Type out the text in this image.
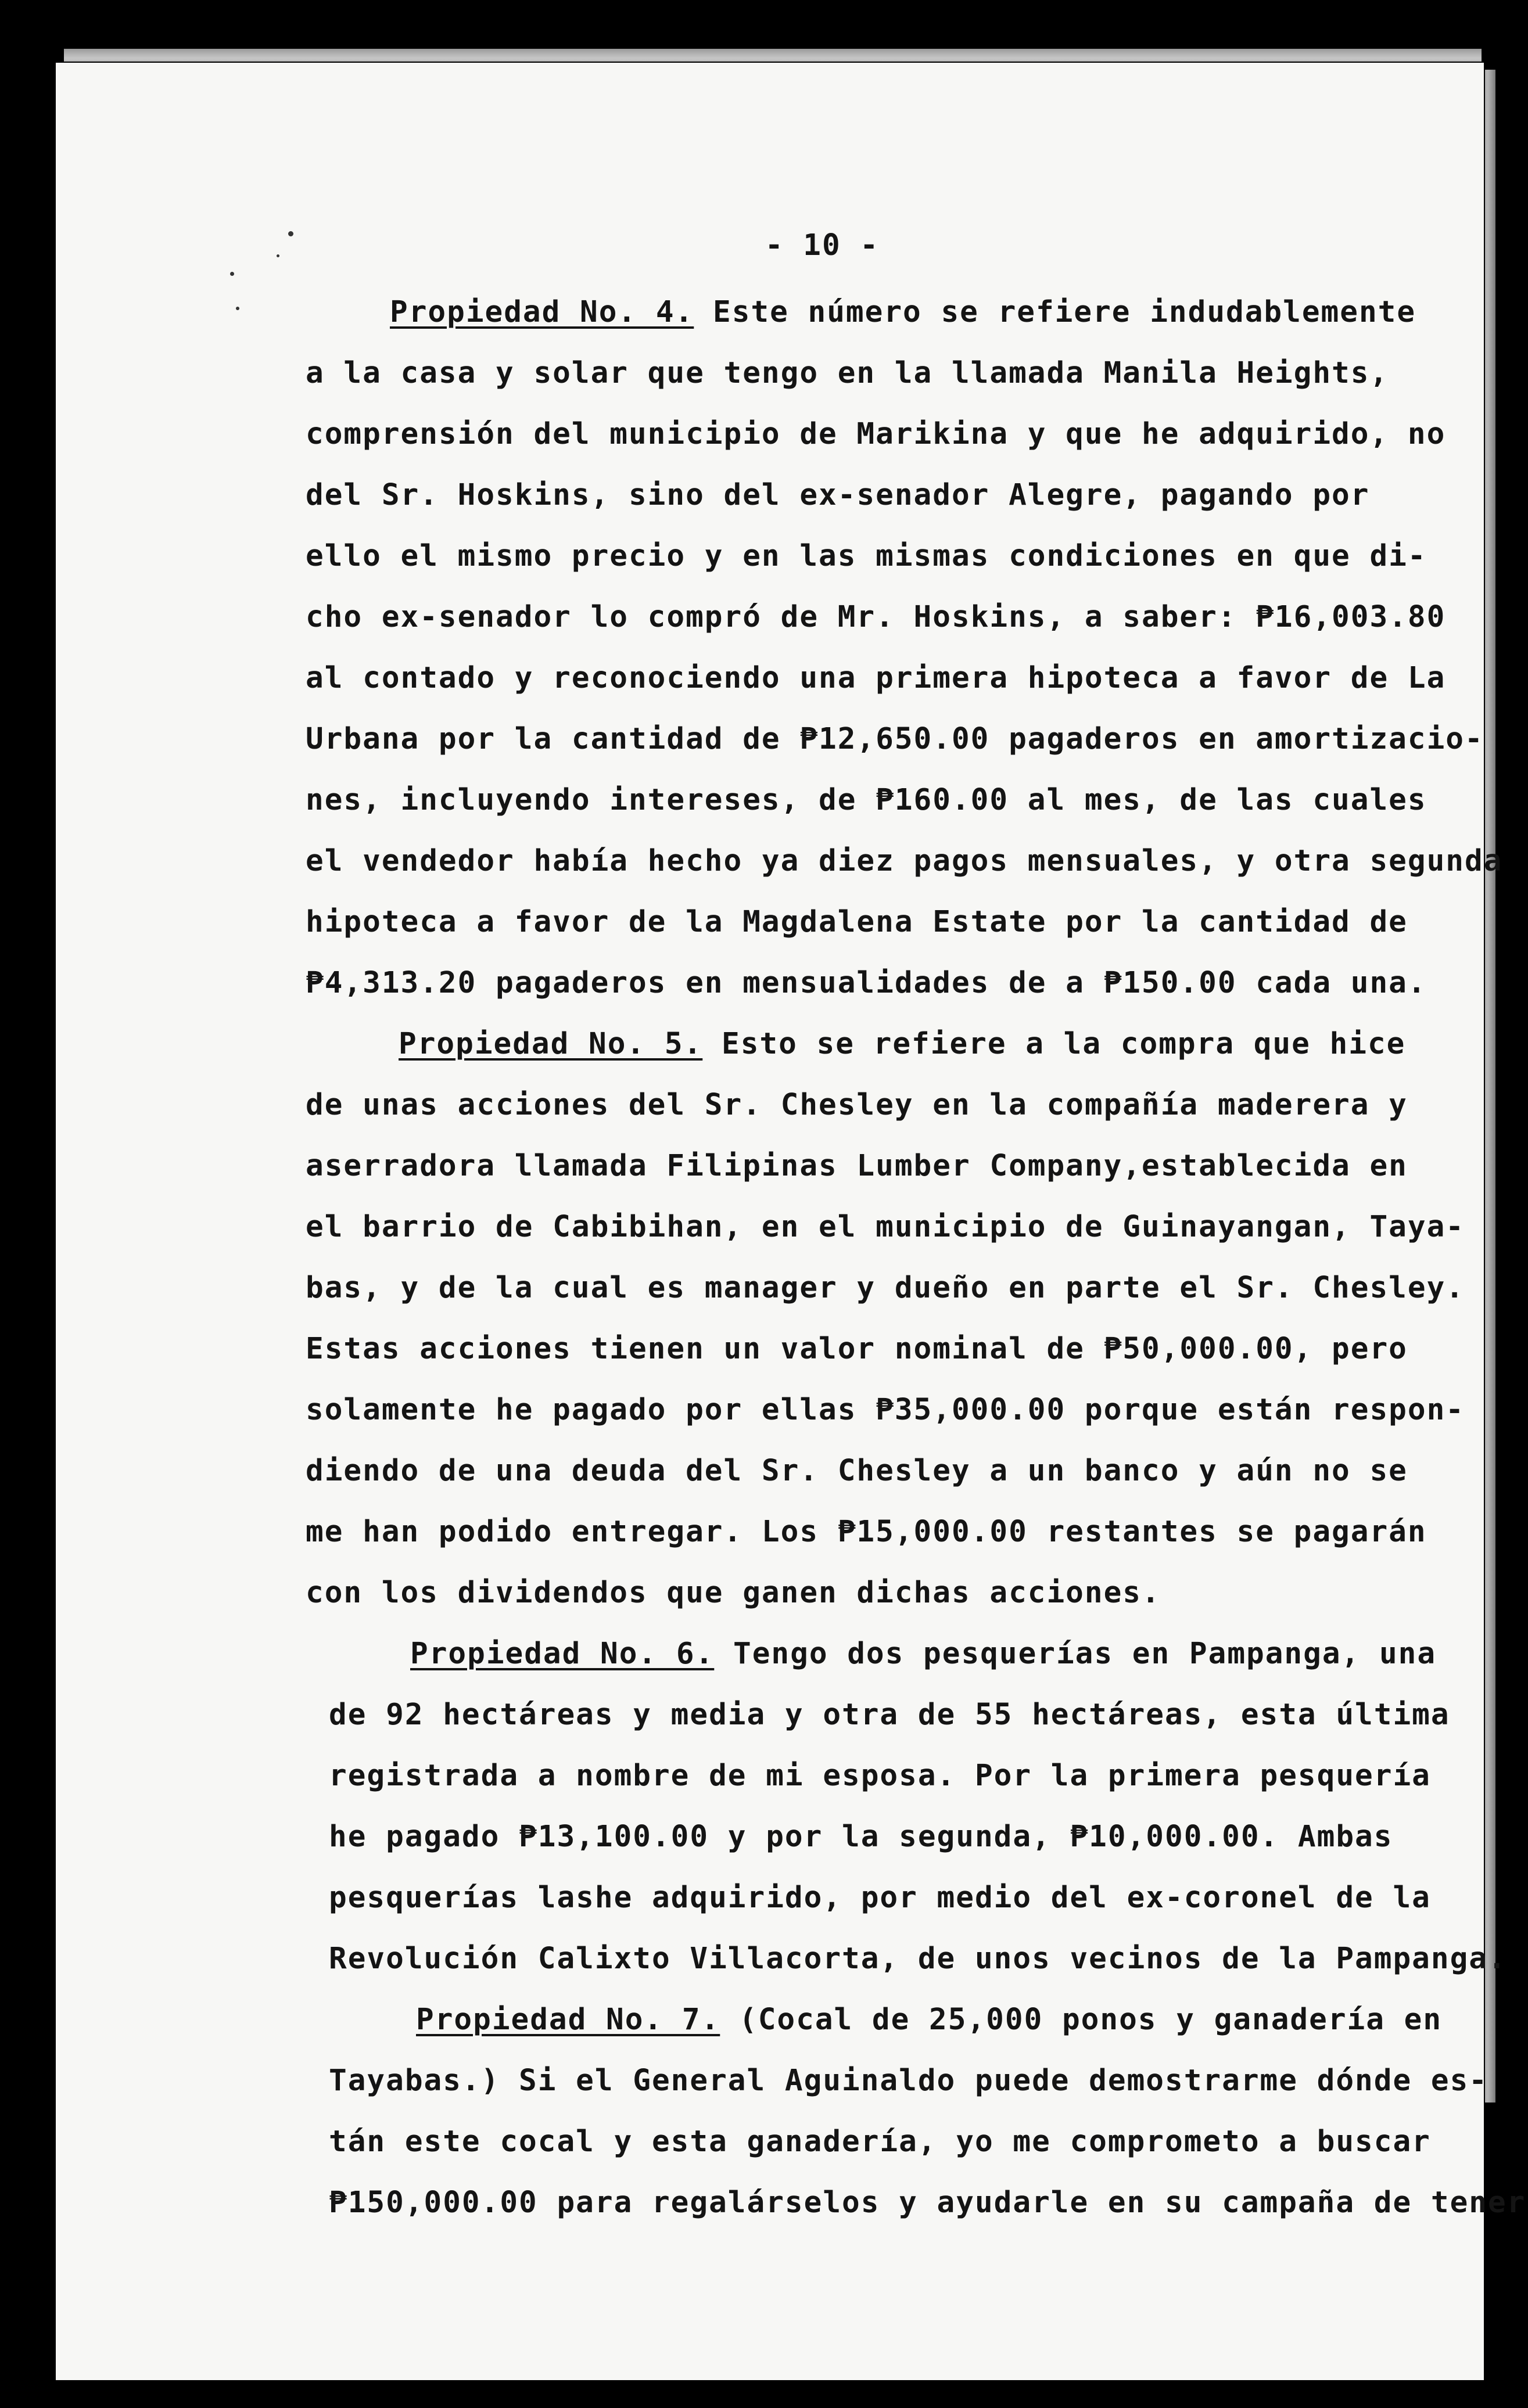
- 10 -
Propiedad No. 4. Este número se refiere indudablemente
a la casa y solar que tengo en la llamada Manila Heights,
comprensión del municipio de Marikina y que he adquirido, no
del Sr. Hoskins, sino del ex-senador Alegre, pagando por
ello el mismo precio y en las mismas condiciones en que di-
cho ex-senador lo compró de Mr. Hoskins, a saber: ₱16,003.80
al contado y reconociendo una primera hipoteca a favor de La
Urbana por la cantidad de ₱12,650.00 pagaderos en amortizacio-
nes, incluyendo intereses, de ₱160.00 al mes, de las cuales
el vendedor había hecho ya diez pagos mensuales, y otra segunda
hipoteca a favor de la Magdalena Estate por la cantidad de
₱4,313.20 pagaderos en mensualidades de a ₱150.00 cada una.
Propiedad No. 5. Esto se refiere a la compra que hice
de unas acciones del Sr. Chesley en la compañía maderera y
aserradora llamada Filipinas Lumber Company,establecida en
el barrio de Cabibihan, en el municipio de Guinayangan, Taya-
bas, y de la cual es manager y dueño en parte el Sr. Chesley.
Estas acciones tienen un valor nominal de ₱50,000.00, pero
solamente he pagado por ellas ₱35,000.00 porque están respon-
diendo de una deuda del Sr. Chesley a un banco y aún no se
me han podido entregar. Los ₱15,000.00 restantes se pagarán
con los dividendos que ganen dichas acciones.
Propiedad No. 6. Tengo dos pesquerías en Pampanga, una
de 92 hectáreas y media y otra de 55 hectáreas, esta última
registrada a nombre de mi esposa. Por la primera pesquería
he pagado ₱13,100.00 y por la segunda, ₱10,000.00. Ambas
pesquerías lashe adquirido, por medio del ex-coronel de la
Revolución Calixto Villacorta, de unos vecinos de la Pampanga.
Propiedad No. 7. (Cocal de 25,000 ponos y ganadería en
Tayabas.) Si el General Aguinaldo puede demostrarme dónde es-
tán este cocal y esta ganadería, yo me comprometo a buscar
₱150,000.00 para regalárselos y ayudarle en su campaña de tener
